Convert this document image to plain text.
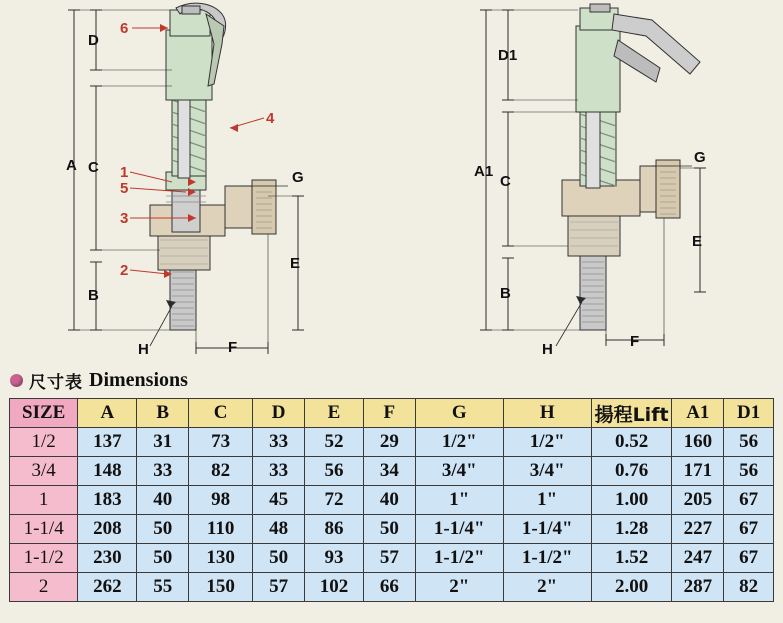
D
A C
B
E
F
G
H
6
4
1
5
3
2
D1
A1
C
B
E
F
G
H
尺寸表 Dimensions
SIZE	A	B	C	D	E	F	G	H	揚程Lift	A1	D1
1/2	137	31	73	33	52	29	1/2"	1/2"	0.52	160	56
3/4	148	33	82	33	56	34	3/4"	3/4"	0.76	171	56
1	183	40	98	45	72	40	1"	1"	1.00	205	67
1-1/4	208	50	110	48	86	50	1-1/4"	1-1/4"	1.28	227	67
1-1/2	230	50	130	50	93	57	1-1/2"	1-1/2"	1.52	247	67
2	262	55	150	57	102	66	2"	2"	2.00	287	82
